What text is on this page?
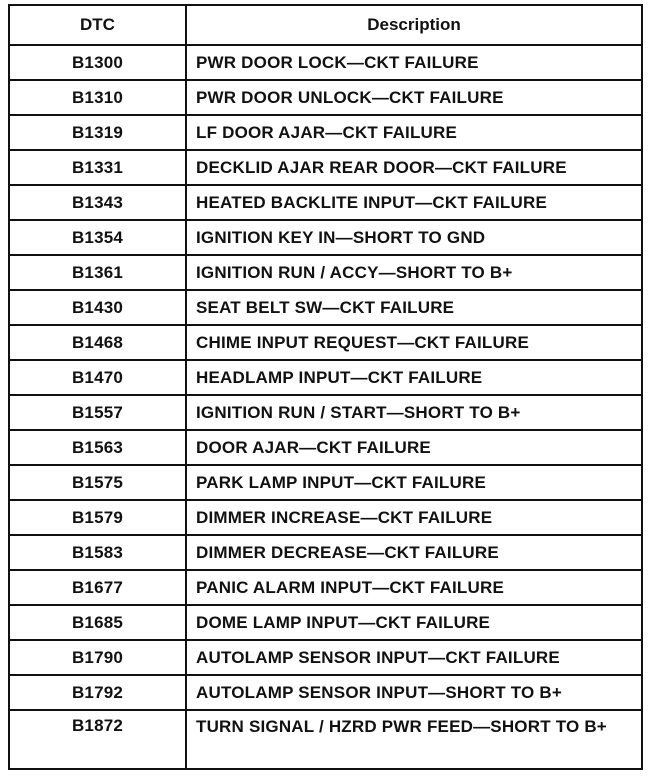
DTC	Description
B1300	PWR DOOR LOCK—CKT FAILURE
B1310	PWR DOOR UNLOCK—CKT FAILURE
B1319	LF DOOR AJAR—CKT FAILURE
B1331	DECKLID AJAR REAR DOOR—CKT FAILURE
B1343	HEATED BACKLITE INPUT—CKT FAILURE
B1354	IGNITION KEY IN—SHORT TO GND
B1361	IGNITION RUN / ACCY—SHORT TO B+
B1430	SEAT BELT SW—CKT FAILURE
B1468	CHIME INPUT REQUEST—CKT FAILURE
B1470	HEADLAMP INPUT—CKT FAILURE
B1557	IGNITION RUN / START—SHORT TO B+
B1563	DOOR AJAR—CKT FAILURE
B1575	PARK LAMP INPUT—CKT FAILURE
B1579	DIMMER INCREASE—CKT FAILURE
B1583	DIMMER DECREASE—CKT FAILURE
B1677	PANIC ALARM INPUT—CKT FAILURE
B1685	DOME LAMP INPUT—CKT FAILURE
B1790	AUTOLAMP SENSOR INPUT—CKT FAILURE
B1792	AUTOLAMP SENSOR INPUT—SHORT TO B+
B1872	TURN SIGNAL / HZRD PWR FEED—SHORT TO B+
